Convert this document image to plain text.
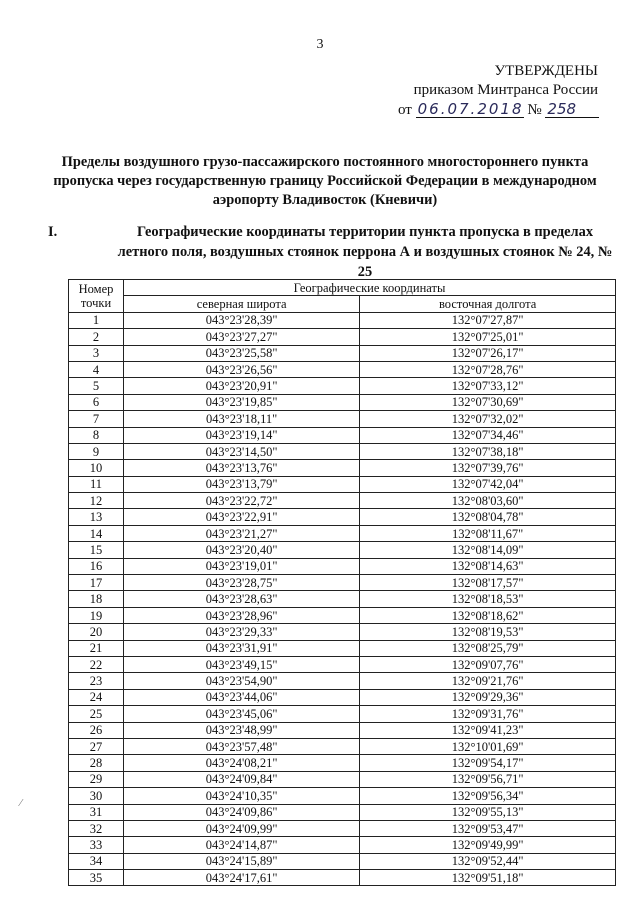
3
УТВЕРЖДЕНЫ
приказом Минтранса России
от 06.07.2018 № 258
Пределы воздушного грузо-пассажирского постоянного многостороннего пункта пропуска через государственную границу Российской Федерации в международном аэропорту Владивосток (Кневичи)
I.	Географические координаты территории пункта пропуска в пределах летного поля, воздушных стоянок перрона А и воздушных стоянок № 24, № 25
Номер
точки	Географические координаты	
	северная широта	восточная долгота
1	043°23'28,39"	132°07'27,87"
2	043°23'27,27"	132°07'25,01"
3	043°23'25,58"	132°07'26,17"
4	043°23'26,56"	132°07'28,76"
5	043°23'20,91"	132°07'33,12"
6	043°23'19,85"	132°07'30,69"
7	043°23'18,11"	132°07'32,02"
8	043°23'19,14"	132°07'34,46"
9	043°23'14,50"	132°07'38,18"
10	043°23'13,76"	132°07'39,76"
11	043°23'13,79"	132°07'42,04"
12	043°23'22,72"	132°08'03,60"
13	043°23'22,91"	132°08'04,78"
14	043°23'21,27"	132°08'11,67"
15	043°23'20,40"	132°08'14,09"
16	043°23'19,01"	132°08'14,63"
17	043°23'28,75"	132°08'17,57"
18	043°23'28,63"	132°08'18,53"
19	043°23'28,96"	132°08'18,62"
20	043°23'29,33"	132°08'19,53"
21	043°23'31,91"	132°08'25,79"
22	043°23'49,15"	132°09'07,76"
23	043°23'54,90"	132°09'21,76"
24	043°23'44,06"	132°09'29,36"
25	043°23'45,06"	132°09'31,76"
26	043°23'48,99"	132°09'41,23"
27	043°23'57,48"	132°10'01,69"
28	043°24'08,21"	132°09'54,17"
29	043°24'09,84"	132°09'56,71"
30	043°24'10,35"	132°09'56,34"
31	043°24'09,86"	132°09'55,13"
32	043°24'09,99"	132°09'53,47"
33	043°24'14,87"	132°09'49,99"
34	043°24'15,89"	132°09'52,44"
35	043°24'17,61"	132°09'51,18"
⁄
